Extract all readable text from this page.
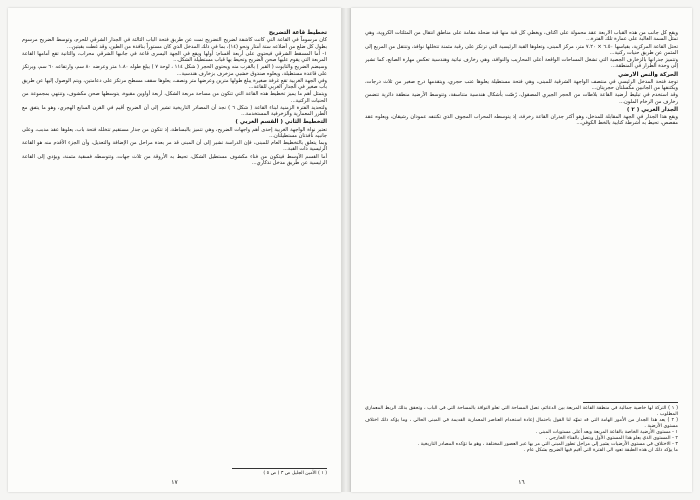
تخطيط قاعة التضريح

كان مرسوماً في القاعة التي كانت كاشفة لضريح التضريح تمت عن طريق فتحة الباب الثالثة في الجدار الشرقي للحرم، وتوسط الضريح مرسوم بطول كل ضلع من أضلاعه ستة أمتار ونحو (١٤)، بما في ذلك المدخل الذي كان مستوراً بنافذة من الطين، وقد غطت بقبتين...

١- أما المسقط الشرقي فيحتوي على أربعة أقسام: أولها ويقع في الجهة اليسرى قاعة في جانبها الشرقي محراب، والثانية تقع أمامها القاعة المربعة التي يقوم عليها صحن الضريح وتحيط بها قباب مستطيلة الشكل...

وسيضم الضريح والتابوت ( القبر ) بالقرب منه ويحتوي الحجر ( شكل ١١٤ ، لوحة ٧ ) يبلغ طوله ١.٨٠ متر وعرضه ٨٠ سم، وارتفاعه ٦٠ سم، ويرتكز على قاعدة مستطيلة، ويعلوه صندوق خشبي مزخرف بزخارف هندسية...

وفي الجهة الغربية تقع غرفة صغيرة يبلغ طولها مترين وعرضها متر ونصف، يعلوها سقف مسطح مرتكز على دعامتين، ويتم الوصول إليها عن طريق باب صغير في الجدار الغربي للقاعة...

ويتمثل أهم ما يميز تخطيط هذه القاعة التي تتكون من مساحة مربعة الشكل، أربعة أواوين مقبوة، يتوسطها صحن مكشوف، وتنتهي بمجموعة من الحنيات الركنية...

ولتحديد الفترة الزمنية لبناء القاعة ( شكل ٦ ) نجد أن المصادر التاريخية تشير إلى أن الضريح أقيم في القرن السابع الهجري، وهو ما يتفق مع الطرز المعمارية والزخرفية المستخدمة...

التخطيط الثاني ( القسم الغربي )

تعتبر نواة الواجهة الغربية إحدى أهم واجهات الضريح، وهي تتميز بالبساطة، إذ تتكون من جدار مستقيم تتخلله فتحة باب، يعلوها عقد مدبب، وعلى جانبيه نافذتان مستطيلتان...

وبما يتعلق بالتخطيط العام للمبنى، فإن الدراسة تشير إلى أن المبنى قد مر بعدة مراحل من الإضافة والتعديل، وأن الجزء الأقدم منه هو القاعة الرئيسية ذات القبة...

أما القسم الأوسط فيتكون من فناء مكشوف مستطيل الشكل، تحيط به الأروقة من ثلاث جهات، وتتوسطه فسقية مثمنة، ويؤدي إلى القاعة الرئيسية عن طريق مدخل تذكاري...

( ١ ) الأمين الجليل ص ٣ ( ص ٥ )

١٧

ويقع كل جانب من هذه القباب الأربعة عقد محمولة على أكتاف، ويغطي كل قبة منها قبة ضحلة مقامة على مناطق انتقال من المثلثات الكروية، وهي تمثل السمة الغالبة على عمارة تلك الفترة...

تحتل القاعة المركزية، بقياسها ٦.٥٠ × ٧.٢٠ متر، مركز المبنى، وتعلوها القبة الرئيسية التي ترتكز على رقبة مثمنة تتخللها نوافذ، وتنتقل من المربع إلى المثمن عن طريق حنيات ركنية...

وتتميز جدرانها بالزخارف الجصية التي تشغل المساحات الواقعة أعلى المحاريب والنوافذ، وهي زخارف نباتية وهندسية تعكس مهارة الصانع، كما تشير إلى وحدة الطراز في المنطقة...

الحركة والنص الارضي

توجد فتحة المدخل الرئيسي في منتصف الواجهة الشرقية للمبنى، وهي فتحة مستطيلة يعلوها عتب حجري، ويتقدمها درج صغير من ثلاث درجات، ويكتنفها من الجانبين مكسلتان حجريتان...

وقد استخدم في تبليط أرضية القاعة بلاطات من الحجر الجيري المصقول، رُصّت بأشكال هندسية متناسقة، وتتوسط الأرضية منطقة دائرية تتضمن زخارف من الرخام الملون...

الجدار الغربي ( ٢ )

ويقع هذا الجدار في الجهة المقابلة للمدخل، وهو أكثر جدران القاعة زخرفة، إذ يتوسطه المحراب المجوف الذي تكتنفه عمودان رشيقان، ويعلوه عقد مفصص، تحيط به أشرطة كتابية بالخط الكوفي...

( ١ ) التركة لها خاصية جمالية في منطقة القاعة المربعة بين الدعائم، تصل المساحة التي تعلو النوافذ بالمساحة التي في الباب ، وتحقق بذلك الربط المعماري المطلوب .

( ٢ ) يعد هذا الجدار من الأمور الهامة التي قد تمهّد لنا القول باحتمال إعادة استخدام العناصر المعمارية القديمة في المبنى الحالي ، وما يؤكد ذلك اختلاف مستوى الأرضية .

١ - مستوى الأرضية الخاصة بالقاعة المربعة ويعد أعلى مستويات المبنى .

٢ - المستوى الذي يعلو هذا المستوى الأول ويتصل بالفناء الخارجي .

٣ - الاختلاف في مستوى الأرضيات يشير إلى مراحل تطور المبنى التي مر بها عبر العصور المختلفة ، وهو ما تؤكده المصادر التاريخية .

ما يؤكد ذلك ان هذه الطبقة تعود الى الفترة التي أقيم فيها الضريح بشكل عام .

١٦
